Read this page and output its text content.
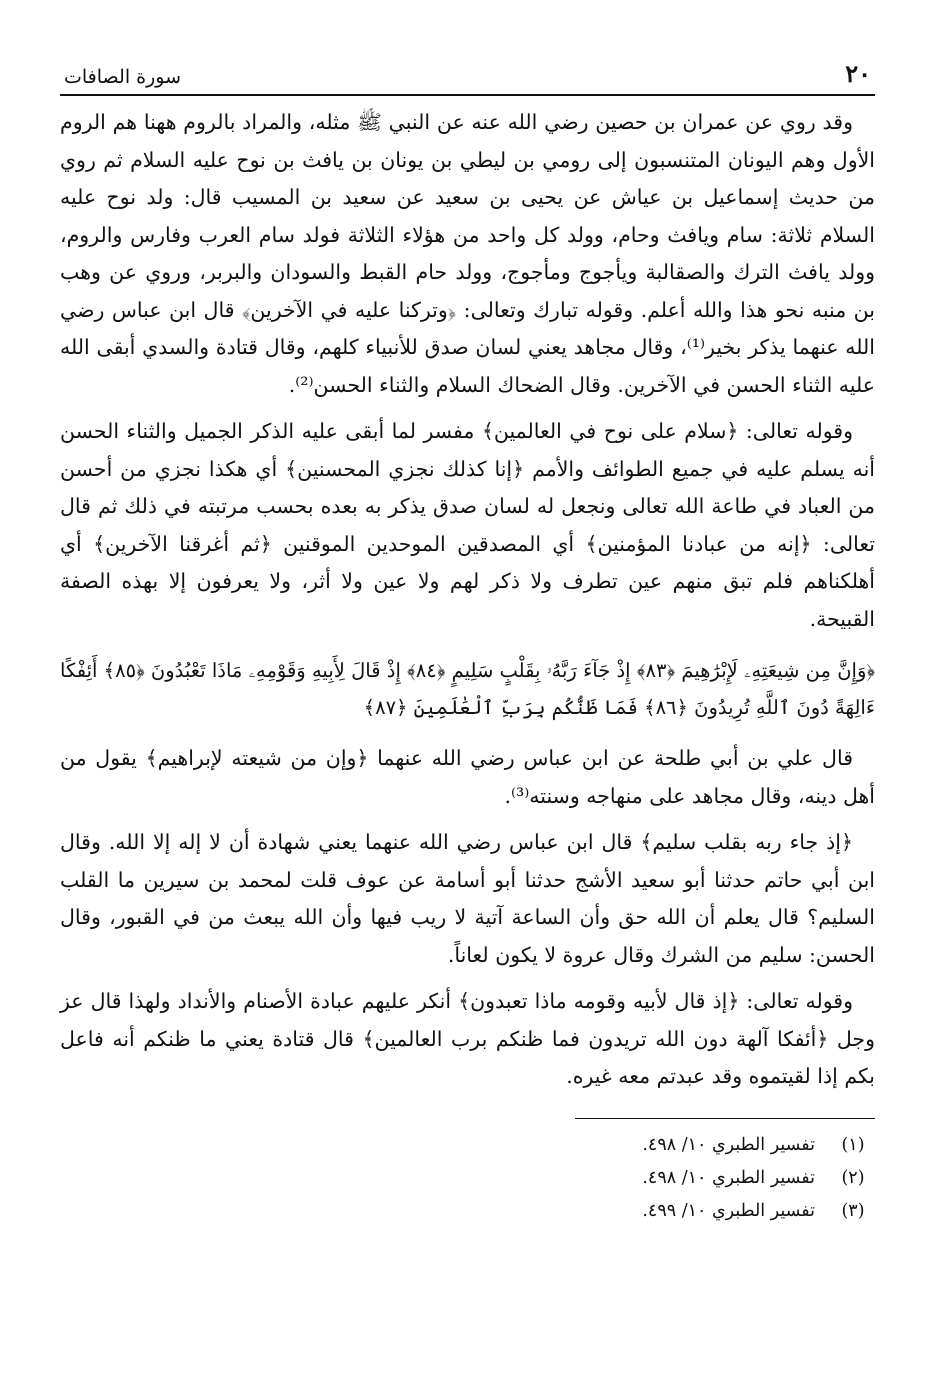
٢٠
سورة الصافات

وقد روي عن عمران بن حصين رضي الله عنه عن النبي ﷺ مثله، والمراد بالروم ههنا هم الروم الأول وهم اليونان المتنسبون إلى رومي بن ليطي بن يونان بن يافث بن نوح عليه السلام ثم روي من حديث إسماعيل بن عياش عن يحيى بن سعيد عن سعيد بن المسيب قال: ولد نوح عليه السلام ثلاثة: سام ويافث وحام، وولد كل واحد من هؤلاء الثلاثة فولد سام العرب وفارس والروم، وولد يافث الترك والصقالبة ويأجوج ومأجوج، وولد حام القبط والسودان والبربر، وروي عن وهب بن منبه نحو هذا والله أعلم. وقوله تبارك وتعالى: ﴿وتركنا عليه في الآخرين﴾ قال ابن عباس رضي الله عنهما يذكر بخير⁽¹⁾، وقال مجاهد يعني لسان صدق للأنبياء كلهم، وقال قتادة والسدي أبقى الله عليه الثناء الحسن في الآخرين. وقال الضحاك السلام والثناء الحسن⁽²⁾.

وقوله تعالى: ﴿سلام على نوح في العالمين﴾ مفسر لما أبقى عليه الذكر الجميل والثناء الحسن أنه يسلم عليه في جميع الطوائف والأمم ﴿إنا كذلك نجزي المحسنين﴾ أي هكذا نجزي من أحسن من العباد في طاعة الله تعالى ونجعل له لسان صدق يذكر به بعده بحسب مرتبته في ذلك ثم قال تعالى: ﴿إنه من عبادنا المؤمنين﴾ أي المصدقين الموحدين الموقنين ﴿ثم أغرقنا الآخرين﴾ أي أهلكناهم فلم تبق منهم عين تطرف ولا ذكر لهم ولا عين ولا أثر، ولا يعرفون إلا بهذه الصفة القبيحة.

﴿وَإِنَّ مِن شِيعَتِهِۦ لَإِبْرَٰهِيمَ ﴿٨٣﴾ إِذْ جَآءَ رَبَّهُۥ بِقَلْبٍ سَلِيمٍ ﴿٨٤﴾ إِذْ قَالَ لِأَبِيهِ وَقَوْمِهِۦ مَاذَا تَعْبُدُونَ ﴿٨٥﴾ أَئِفْكًا ءَالِهَةً دُونَ ٱللَّهِ تُرِيدُونَ ﴿٨٦﴾ فَمَا ظَنُّكُم بِرَبِّ ٱلْعَٰلَمِينَ ﴿٨٧﴾

قال علي بن أبي طلحة عن ابن عباس رضي الله عنهما ﴿وإن من شيعته لإبراهيم﴾ يقول من أهل دينه، وقال مجاهد على منهاجه وسنته⁽³⁾.

﴿إذ جاء ربه بقلب سليم﴾ قال ابن عباس رضي الله عنهما يعني شهادة أن لا إله إلا الله. وقال ابن أبي حاتم حدثنا أبو سعيد الأشج حدثنا أبو أسامة عن عوف قلت لمحمد بن سيرين ما القلب السليم؟ قال يعلم أن الله حق وأن الساعة آتية لا ريب فيها وأن الله يبعث من في القبور، وقال الحسن: سليم من الشرك وقال عروة لا يكون لعاناً.

وقوله تعالى: ﴿إذ قال لأبيه وقومه ماذا تعبدون﴾ أنكر عليهم عبادة الأصنام والأنداد ولهذا قال عز وجل ﴿أئفكا آلهة دون الله تريدون فما ظنكم برب العالمين﴾ قال قتادة يعني ما ظنكم أنه فاعل بكم إذا لقيتموه وقد عبدتم معه غيره.

(١)
تفسير الطبري ١٠/ ٤٩٨.
(٢)
تفسير الطبري ١٠/ ٤٩٨.
(٣)
تفسير الطبري ١٠/ ٤٩٩.
